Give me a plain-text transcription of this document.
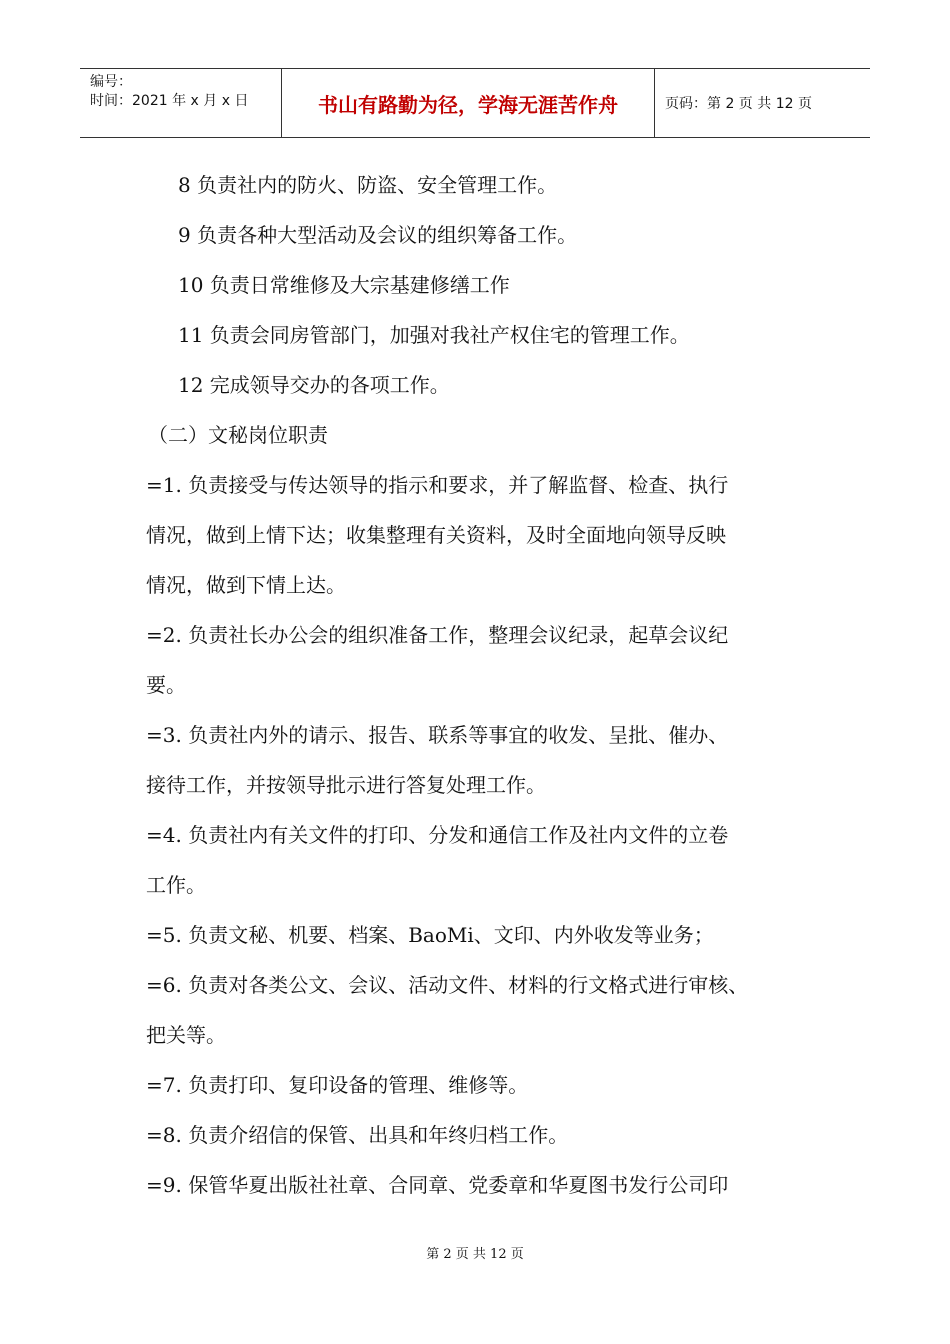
编号：
时间：2021 年 x 月 x 日	书山有路勤为径，学海无涯苦作舟	页码：第 2 页 共 12 页
8 负责社内的防火、防盗、安全管理工作。
9 负责各种大型活动及会议的组织筹备工作。
10 负责日常维修及大宗基建修缮工作
11 负责会同房管部门，加强对我社产权住宅的管理工作。
12 完成领导交办的各项工作。
（二）文秘岗位职责
=1. 负责接受与传达领导的指示和要求，并了解监督、检查、执行
情况，做到上情下达；收集整理有关资料，及时全面地向领导反映
情况，做到下情上达。
=2. 负责社长办公会的组织准备工作，整理会议纪录，起草会议纪
要。
=3. 负责社内外的请示、报告、联系等事宜的收发、呈批、催办、
接待工作，并按领导批示进行答复处理工作。
=4. 负责社内有关文件的打印、分发和通信工作及社内文件的立卷
工作。
=5. 负责文秘、机要、档案、BaoMi、文印、内外收发等业务；
=6. 负责对各类公文、会议、活动文件、材料的行文格式进行审核、
把关等。
=7. 负责打印、复印设备的管理、维修等。
=8. 负责介绍信的保管、出具和年终归档工作。
=9. 保管华夏出版社社章、合同章、党委章和华夏图书发行公司印
第 2 页 共 12 页
